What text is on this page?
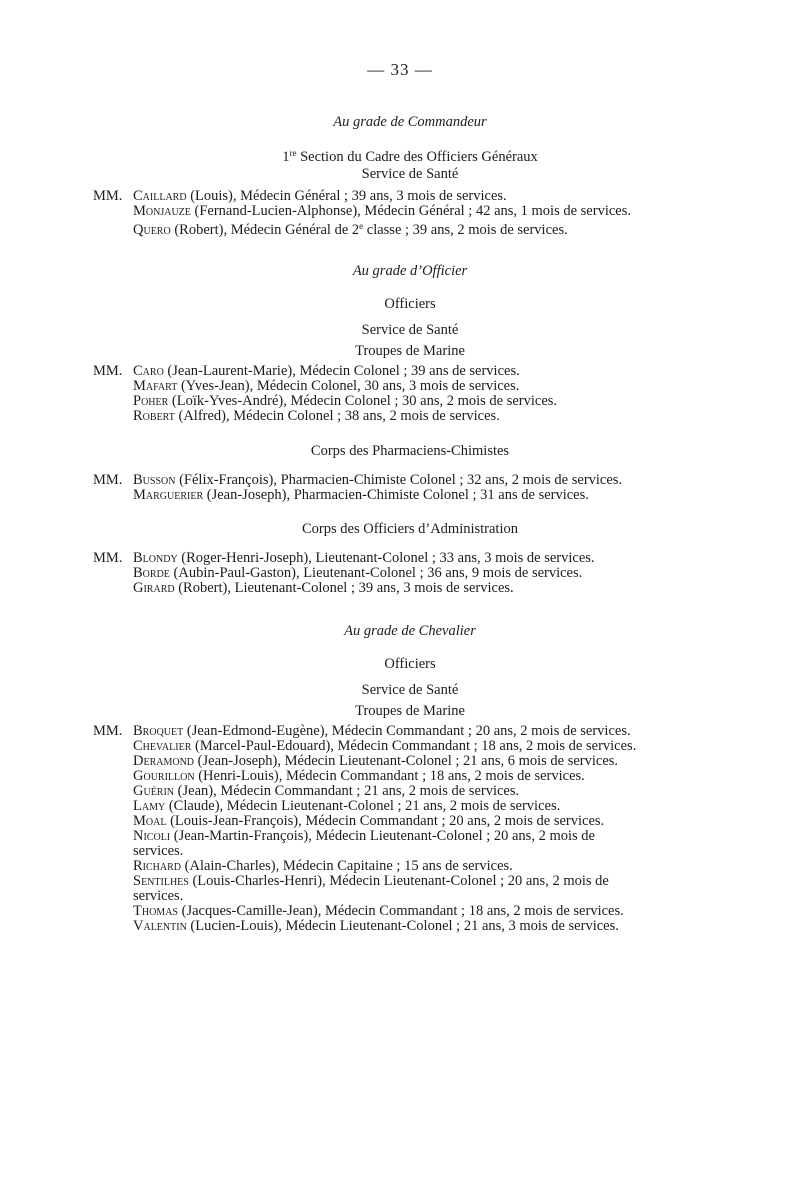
— 33 —
Au grade de Commandeur
1re Section du Cadre des Officiers Généraux
Service de Santé
MM. Caillard (Louis), Médecin Général ; 39 ans, 3 mois de services.
Monjauze (Fernand-Lucien-Alphonse), Médecin Général ; 42 ans, 1 mois de services.
Quero (Robert), Médecin Général de 2e classe ; 39 ans, 2 mois de services.
Au grade d’Officier
Officiers
Service de Santé
Troupes de Marine
MM. Caro (Jean-Laurent-Marie), Médecin Colonel ; 39 ans de services.
Mafart (Yves-Jean), Médecin Colonel, 30 ans, 3 mois de services.
Poher (Loïk-Yves-André), Médecin Colonel ; 30 ans, 2 mois de services.
Robert (Alfred), Médecin Colonel ; 38 ans, 2 mois de services.
Corps des Pharmaciens-Chimistes
MM. Busson (Félix-François), Pharmacien-Chimiste Colonel ; 32 ans, 2 mois de services.
Marguerier (Jean-Joseph), Pharmacien-Chimiste Colonel ; 31 ans de services.
Corps des Officiers d’Administration
MM. Blondy (Roger-Henri-Joseph), Lieutenant-Colonel ; 33 ans, 3 mois de services.
Borde (Aubin-Paul-Gaston), Lieutenant-Colonel ; 36 ans, 9 mois de services.
Girard (Robert), Lieutenant-Colonel ; 39 ans, 3 mois de services.
Au grade de Chevalier
Officiers
Service de Santé
Troupes de Marine
MM. Broquet (Jean-Edmond-Eugène), Médecin Commandant ; 20 ans, 2 mois de services.
Chevalier (Marcel-Paul-Edouard), Médecin Commandant ; 18 ans, 2 mois de services.
Deramond (Jean-Joseph), Médecin Lieutenant-Colonel ; 21 ans, 6 mois de services.
Gourillon (Henri-Louis), Médecin Commandant ; 18 ans, 2 mois de services.
Guérin (Jean), Médecin Commandant ; 21 ans, 2 mois de services.
Lamy (Claude), Médecin Lieutenant-Colonel ; 21 ans, 2 mois de services.
Moal (Louis-Jean-François), Médecin Commandant ; 20 ans, 2 mois de services.
Nicoli (Jean-Martin-François), Médecin Lieutenant-Colonel ; 20 ans, 2 mois de
services.
Richard (Alain-Charles), Médecin Capitaine ; 15 ans de services.
Sentilhes (Louis-Charles-Henri), Médecin Lieutenant-Colonel ; 20 ans, 2 mois de
services.
Thomas (Jacques-Camille-Jean), Médecin Commandant ; 18 ans, 2 mois de services.
Valentin (Lucien-Louis), Médecin Lieutenant-Colonel ; 21 ans, 3 mois de services.
